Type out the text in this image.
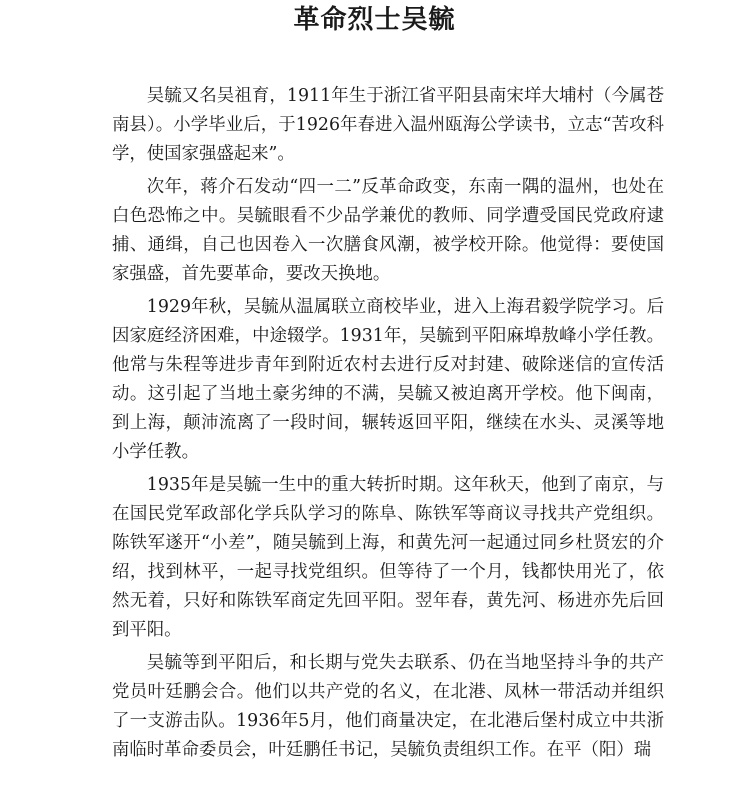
革命烈士吴毓

吴毓又名吴祖育，1911年生于浙江省平阳县南宋垟大埔村（今属苍南县）。小学毕业后，于1926年春进入温州瓯海公学读书，立志“苦攻科学，使国家强盛起来”。

次年，蒋介石发动“四一二”反革命政变，东南一隅的温州，也处在白色恐怖之中。吴毓眼看不少品学兼优的教师、同学遭受国民党政府逮捕、通缉，自己也因卷入一次膳食风潮，被学校开除。他觉得：要使国家强盛，首先要革命，要改天换地。

1929年秋，吴毓从温属联立商校毕业，进入上海君毅学院学习。后因家庭经济困难，中途辍学。1931年，吴毓到平阳麻埠敖峰小学任教。他常与朱程等进步青年到附近农村去进行反对封建、破除迷信的宣传活动。这引起了当地土豪劣绅的不满，吴毓又被迫离开学校。他下闽南，到上海，颠沛流离了一段时间，辗转返回平阳，继续在水头、灵溪等地小学任教。

1935年是吴毓一生中的重大转折时期。这年秋天，他到了南京，与在国民党军政部化学兵队学习的陈阜、陈铁军等商议寻找共产党组织。陈铁军遂开“小差”，随吴毓到上海，和黄先河一起通过同乡杜贤宏的介绍，找到林平，一起寻找党组织。但等待了一个月，钱都快用光了，依然无着，只好和陈铁军商定先回平阳。翌年春，黄先河、杨进亦先后回到平阳。

吴毓等到平阳后，和长期与党失去联系、仍在当地坚持斗争的共产党员叶廷鹏会合。他们以共产党的名义，在北港、凤林一带活动并组织了一支游击队。1936年5月，他们商量决定，在北港后堡村成立中共浙南临时革命委员会，叶廷鹏任书记，吴毓负责组织工作。在平（阳）瑞
